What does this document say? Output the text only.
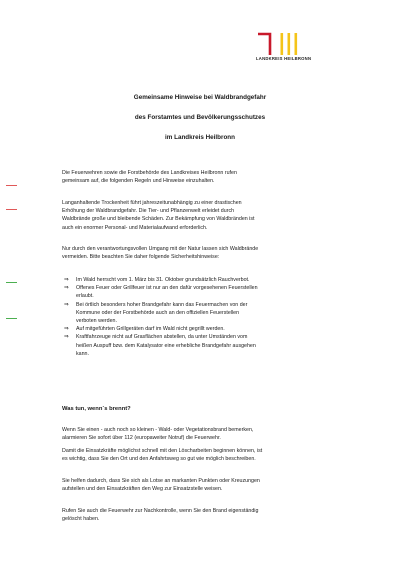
LANDKREIS HEILBRONN
Gemeinsame Hinweise bei Waldbrandgefahr
des Forstamtes und Bevölkerungsschutzes
im Landkreis Heilbronn
Die Feuerwehren sowie die Forstbehörde des Landkreises Heilbronn rufen
gemeinsam auf, die folgenden Regeln und Hinweise einzuhalten.
Langanhaltende Trockenheit führt jahreszeitunabhängig zu einer drastischen
Erhöhung der Waldbrandgefahr. Die Tier- und Pflanzenwelt erleidet durch
Waldbrände große und bleibende Schäden. Zur Bekämpfung von Waldbränden ist
auch ein enormer Personal- und Materialaufwand erforderlich.
Nur durch den verantwortungsvollen Umgang mit der Natur lassen sich Waldbrände
vermeiden. Bitte beachten Sie daher folgende Sicherheitshinweise:
⇒ Im Wald herrscht vom 1. März bis 31. Oktober grundsätzlich Rauchverbot.
⇒ Offenes Feuer oder Grillfeuer ist nur an den dafür vorgesehenen Feuerstellen
erlaubt.
⇒ Bei örtlich besonders hoher Brandgefahr kann das Feuermachen von der
Kommune oder der Forstbehörde auch an den offiziellen Feuerstellen
verboten werden.
⇒ Auf mitgeführten Grillgeräten darf im Wald nicht gegrillt werden.
⇒ Kraftfahrzeuge nicht auf Grasflächen abstellen, da unter Umständen vom
heißen Auspuff bzw. dem Katalysator eine erhebliche Brandgefahr ausgehen
kann.
Was tun, wenn´s brennt?
Wenn Sie einen - auch noch so kleinen - Wald- oder Vegetationsbrand bemerken,
alarmieren Sie sofort über 112 (europaweiter Notruf) die Feuerwehr.
Damit die Einsatzkräfte möglichst schnell mit den Löscharbeiten beginnen können, ist
es wichtig, dass Sie den Ort und den Anfahrtsweg so gut wie möglich beschreiben.
Sie helfen dadurch, dass Sie sich als Lotse an markanten Punkten oder Kreuzungen
aufstellen und den Einsatzkräften den Weg zur Einsatzstelle weisen.
Rufen Sie auch die Feuerwehr zur Nachkontrolle, wenn Sie den Brand eigenständig
gelöscht haben.
